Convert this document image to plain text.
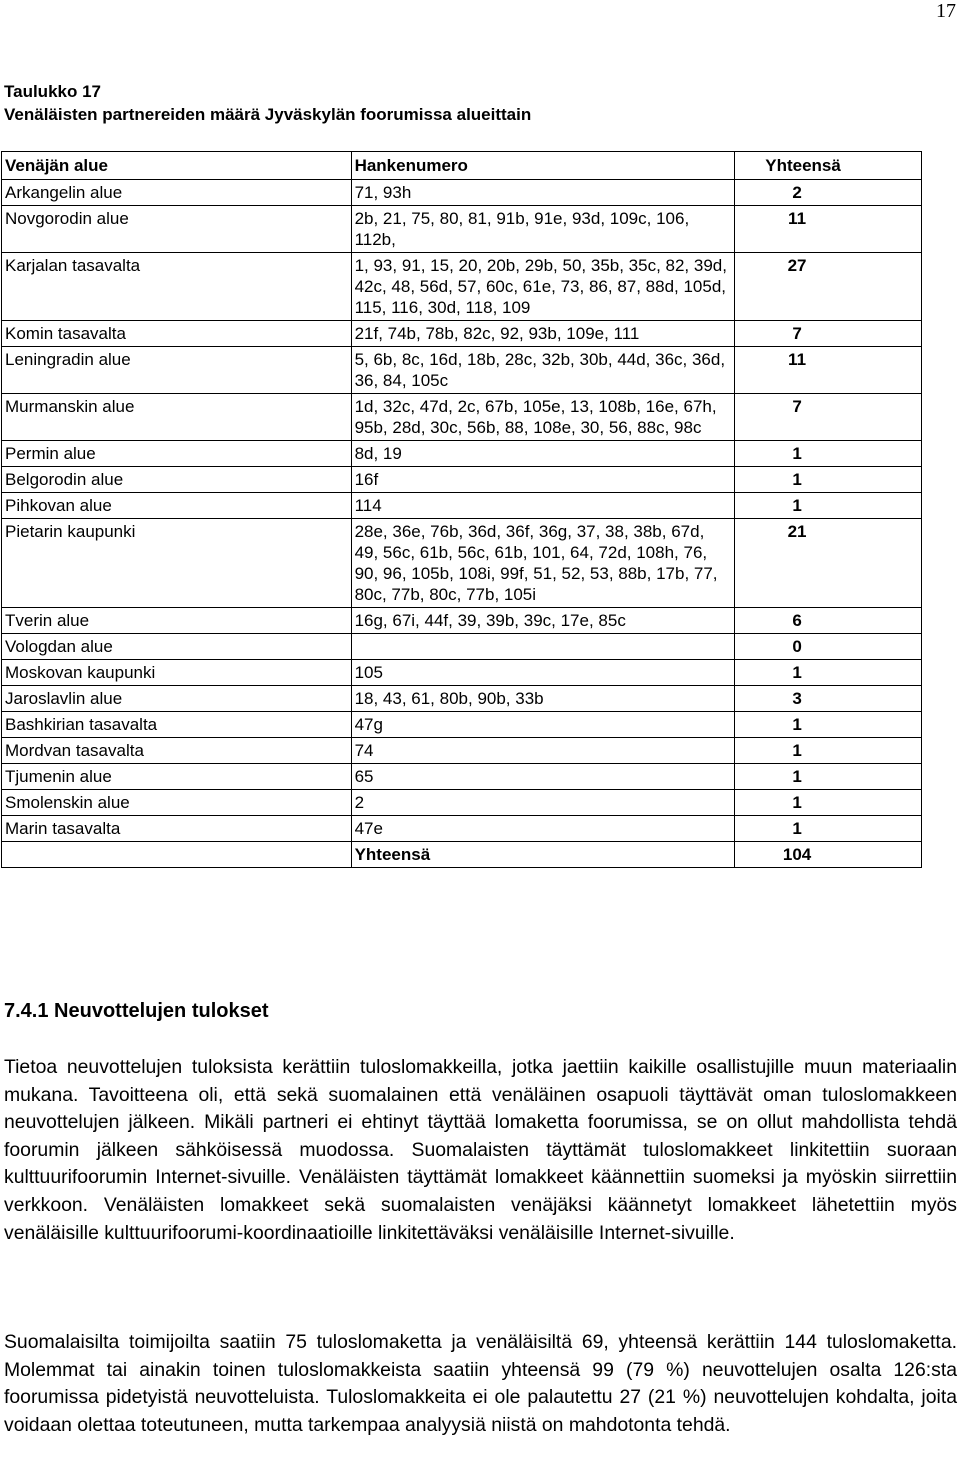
17
Taulukko 17
Venäläisten partnereiden määrä Jyväskylän foorumissa alueittain
Venäjän alue	Hankenumero	Yhteensä
Arkangelin alue	71, 93h	2
Novgorodin alue	2b, 21, 75, 80, 81, 91b, 91e, 93d, 109c, 106, 112b,	11
Karjalan tasavalta	1, 93, 91, 15, 20, 20b, 29b, 50, 35b, 35c, 82, 39d, 42c, 48, 56d, 57, 60c, 61e, 73, 86, 87, 88d, 105d, 115, 116, 30d, 118, 109	27
Komin tasavalta	21f, 74b, 78b, 82c, 92, 93b, 109e, 111	7
Leningradin alue	5, 6b, 8c, 16d, 18b, 28c, 32b, 30b, 44d, 36c, 36d, 36, 84, 105c	11
Murmanskin alue	1d, 32c, 47d, 2c, 67b, 105e, 13, 108b, 16e, 67h, 95b, 28d, 30c, 56b, 88, 108e, 30, 56, 88c, 98c	7
Permin alue	8d, 19	1
Belgorodin alue	16f	1
Pihkovan alue	114	1
Pietarin kaupunki	28e, 36e, 76b, 36d, 36f, 36g, 37, 38, 38b, 67d, 49, 56c, 61b, 56c, 61b, 101, 64, 72d, 108h, 76, 90, 96, 105b, 108i, 99f, 51, 52, 53, 88b, 17b, 77, 80c, 77b, 80c, 77b, 105i	21
Tverin alue	16g, 67i, 44f, 39, 39b, 39c, 17e, 85c	6
Vologdan alue		0
Moskovan kaupunki	105	1
Jaroslavlin alue	18, 43, 61, 80b, 90b, 33b	3
Bashkirian tasavalta	47g	1
Mordvan tasavalta	74	1
Tjumenin alue	65	1
Smolenskin alue	2	1
Marin tasavalta	47e	1
	Yhteensä	104
7.4.1 Neuvottelujen tulokset

Tietoa neuvottelujen tuloksista kerättiin tuloslomakkeilla, jotka jaettiin kaikille osallistujille muun materiaalin mukana. Tavoitteena oli, että sekä suomalainen että venäläinen osapuoli täyttävät oman tuloslomakkeen neuvottelujen jälkeen. Mikäli partneri ei ehtinyt täyttää lomaketta foorumissa, se on ollut mahdollista tehdä foorumin jälkeen sähköisessä muodossa. Suomalaisten täyttämät tuloslomakkeet linkitettiin suoraan kulttuurifoorumin Internet-sivuille. Venäläisten täyttämät lomakkeet käännettiin suomeksi ja myöskin siirrettiin verkkoon. Venäläisten lomakkeet sekä suomalaisten venäjäksi käännetyt lomakkeet lähetettiin myös venäläisille kulttuurifoorumi-koordinaatioille linkitettäväksi venäläisille Internet-sivuille.

Suomalaisilta toimijoilta saatiin 75 tuloslomaketta ja venäläisiltä 69, yhteensä kerättiin 144 tuloslomaketta. Molemmat tai ainakin toinen tuloslomakkeista saatiin yhteensä 99 (79 %) neuvottelujen osalta 126:sta foorumissa pidetyistä neuvotteluista. Tuloslomakkeita ei ole palautettu 27 (21 %) neuvottelujen kohdalta, joita voidaan olettaa toteutuneen, mutta tarkempaa analyysiä niistä on mahdotonta tehdä.
